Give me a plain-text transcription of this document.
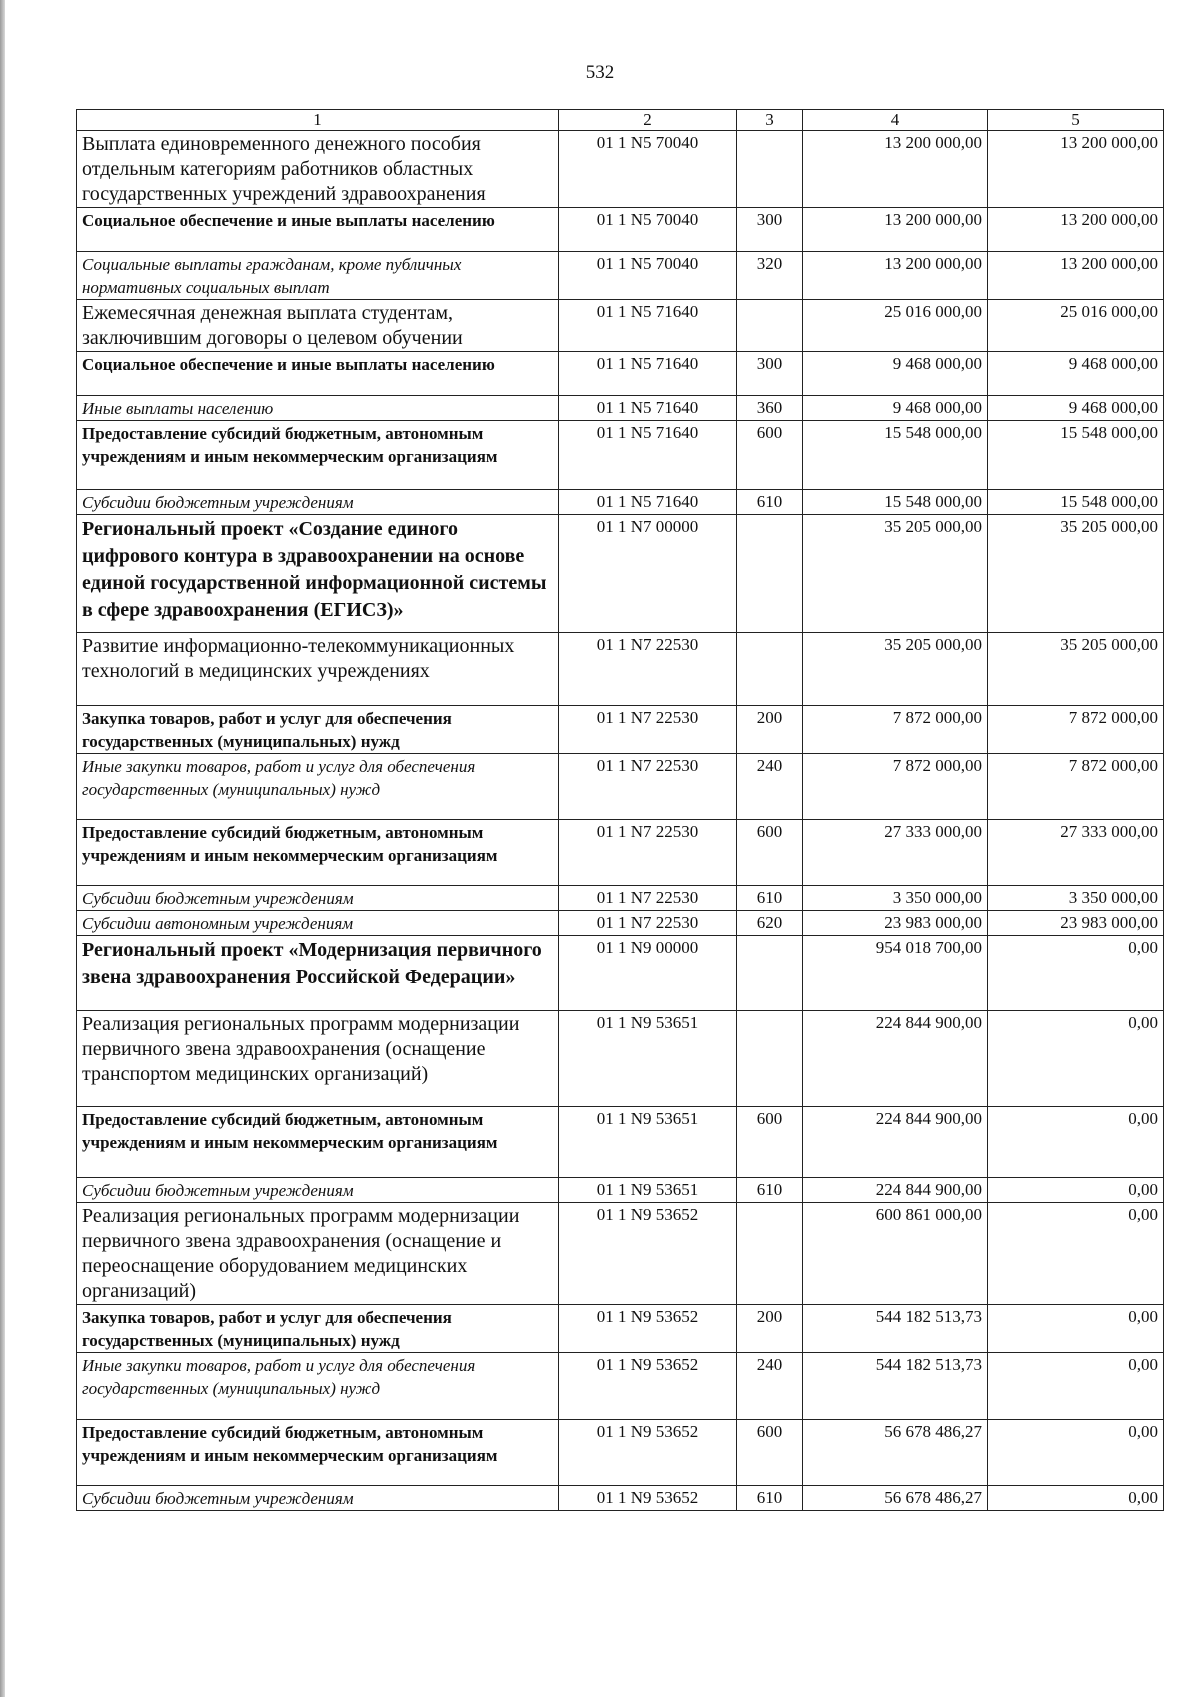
532
1	2	3	4	5
Выплата единовременного денежного пособия отдельным категориям работников областных государственных учреждений здравоохранения	01 1 N5 70040		13 200 000,00	13 200 000,00
Социальное обеспечение и иные выплаты населению	01 1 N5 70040	300	13 200 000,00	13 200 000,00
Социальные выплаты гражданам, кроме публичных нормативных социальных выплат	01 1 N5 70040	320	13 200 000,00	13 200 000,00
Ежемесячная денежная выплата студентам, заключившим договоры о целевом обучении	01 1 N5 71640		25 016 000,00	25 016 000,00
Социальное обеспечение и иные выплаты населению	01 1 N5 71640	300	9 468 000,00	9 468 000,00
Иные выплаты населению	01 1 N5 71640	360	9 468 000,00	9 468 000,00
Предоставление субсидий бюджетным, автономным учреждениям и иным некоммерческим организациям	01 1 N5 71640	600	15 548 000,00	15 548 000,00
Субсидии бюджетным учреждениям	01 1 N5 71640	610	15 548 000,00	15 548 000,00
Региональный проект «Создание единого цифрового контура в здравоохранении на основе единой государственной информационной системы в сфере здравоохранения (ЕГИСЗ)»	01 1 N7 00000		35 205 000,00	35 205 000,00
Развитие информационно-телекоммуникационных технологий в медицинских учреждениях	01 1 N7 22530		35 205 000,00	35 205 000,00
Закупка товаров, работ и услуг для обеспечения государственных (муниципальных) нужд	01 1 N7 22530	200	7 872 000,00	7 872 000,00
Иные закупки товаров, работ и услуг для обеспечения государственных (муниципальных) нужд	01 1 N7 22530	240	7 872 000,00	7 872 000,00
Предоставление субсидий бюджетным, автономным учреждениям и иным некоммерческим организациям	01 1 N7 22530	600	27 333 000,00	27 333 000,00
Субсидии бюджетным учреждениям	01 1 N7 22530	610	3 350 000,00	3 350 000,00
Субсидии автономным учреждениям	01 1 N7 22530	620	23 983 000,00	23 983 000,00
Региональный проект «Модернизация первичного звена здравоохранения Российской Федерации»	01 1 N9 00000		954 018 700,00	0,00
Реализация региональных программ модернизации первичного звена здравоохранения (оснащение транспортом медицинских организаций)	01 1 N9 53651		224 844 900,00	0,00
Предоставление субсидий бюджетным, автономным учреждениям и иным некоммерческим организациям	01 1 N9 53651	600	224 844 900,00	0,00
Субсидии бюджетным учреждениям	01 1 N9 53651	610	224 844 900,00	0,00
Реализация региональных программ модернизации первичного звена здравоохранения (оснащение и переоснащение оборудованием медицинских организаций)	01 1 N9 53652		600 861 000,00	0,00
Закупка товаров, работ и услуг для обеспечения государственных (муниципальных) нужд	01 1 N9 53652	200	544 182 513,73	0,00
Иные закупки товаров, работ и услуг для обеспечения государственных (муниципальных) нужд	01 1 N9 53652	240	544 182 513,73	0,00
Предоставление субсидий бюджетным, автономным учреждениям и иным некоммерческим организациям	01 1 N9 53652	600	56 678 486,27	0,00
Субсидии бюджетным учреждениям	01 1 N9 53652	610	56 678 486,27	0,00
